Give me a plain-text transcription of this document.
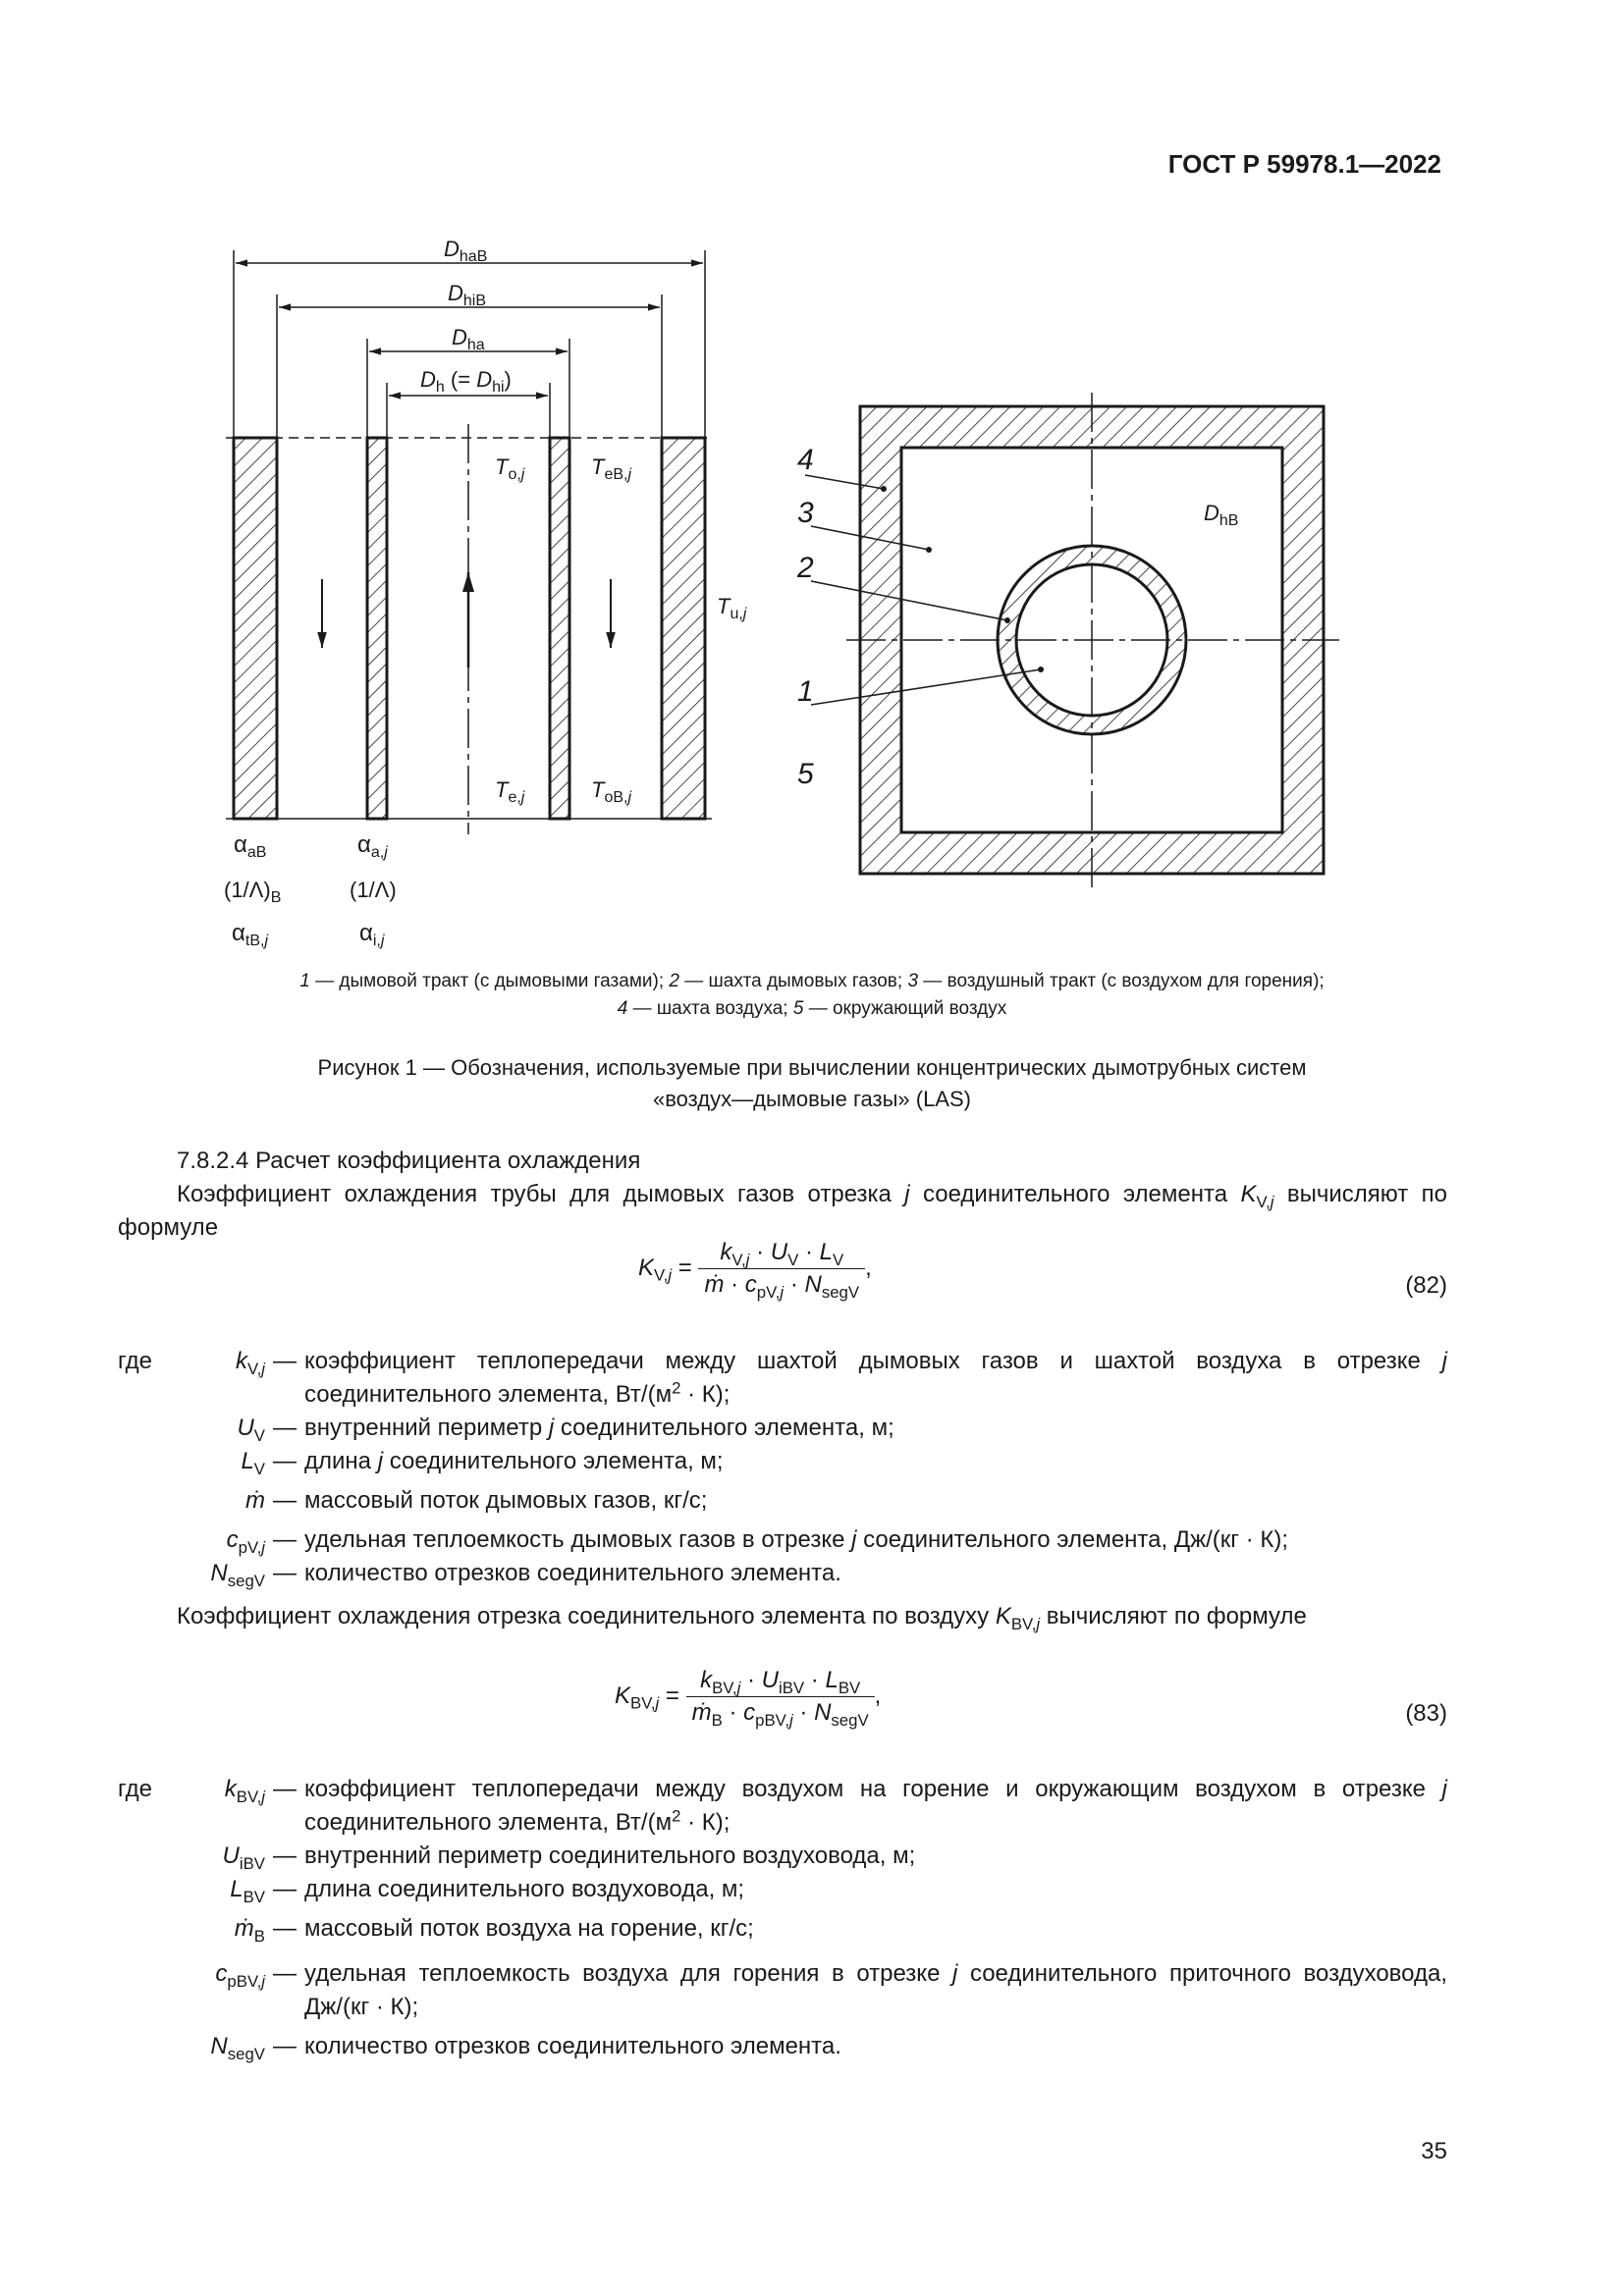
ГОСТ Р 59978.1—2022
$D_{haB}$
$D_{hiB}$
$D_{ha}$
$D_h$ (= $D_{hi}$)
$T_{o,}j$	$T_{eB,}j$
$T_{u,}j$
$T_{e,}j$	$T_{oB,}j$
$\alpha_{aB}$	$\alpha_{a,}j$
$(1/\Lambda)_B$	(1/Λ)
$\alpha_{tB,}j$	$\alpha_{i,}j$
4
3
2
1
5
$D_{hB}$
1 — дымовой тракт (с дымовыми газами); 2 — шахта дымовых газов; 3 — воздушный тракт (с воздухом для горения);
4 — шахта воздуха; 5 — окружающий воздух
Рисунок 1 — Обозначения, используемые при вычислении концентрических дымотрубных систем
«воздух—дымовые газы» (LAS)
7.8.2.4 Расчет коэффициента охлаждения
Коэффициент охлаждения трубы для дымовых газов отрезка j соединительного элемента $K_{V,j}$ вычисляют по формуле
$K_{V,j} = \frac{k_{V,j} \cdot U_V \cdot L_V}{ṁ \cdot c_{pV,j} \cdot N_{segV}}$ ,
(82)
где	$k_{V,j}$ — коэффициент теплопередачи между шахтой дымовых газов и шахтой воздуха в отрезке j соединительного элемента, $Вт/(м^2 \cdot К)$;
$U_V$ — внутренний периметр j соединительного элемента, м;
$L_V$ — длина j соединительного элемента, м;
ṁ — массовый поток дымовых газов, кг/с;
$c_{pV,j}$ — удельная теплоемкость дымовых газов в отрезке j соединительного элемента, Дж/(кг · К);
$N_{segV}$ — количество отрезков соединительного элемента.
Коэффициент охлаждения отрезка соединительного элемента по воздуху $K_{BV,j}$ вычисляют по формуле
$K_{BV,j} = \frac{k_{BV,j} \cdot U_{iBV} \cdot L_{BV}}{ṁ_B \cdot c_{pBV,j} \cdot N_{segV}}$ ,
(83)
где	$k_{BV,j}$ — коэффициент теплопередачи между воздухом на горение и окружающим воздухом в отрезке j соединительного элемента, $Вт/(м^2 \cdot К)$;
$U_{iBV}$ — внутренний периметр соединительного воздуховода, м;
$L_{BV}$ — длина соединительного воздуховода, м;
ṁ$_B$ — массовый поток воздуха на горение, кг/с;
$c_{pBV,j}$ — удельная теплоемкость воздуха для горения в отрезке j соединительного приточного воздуховода, Дж/(кг · К);
$N_{segV}$ — количество отрезков соединительного элемента.
35
